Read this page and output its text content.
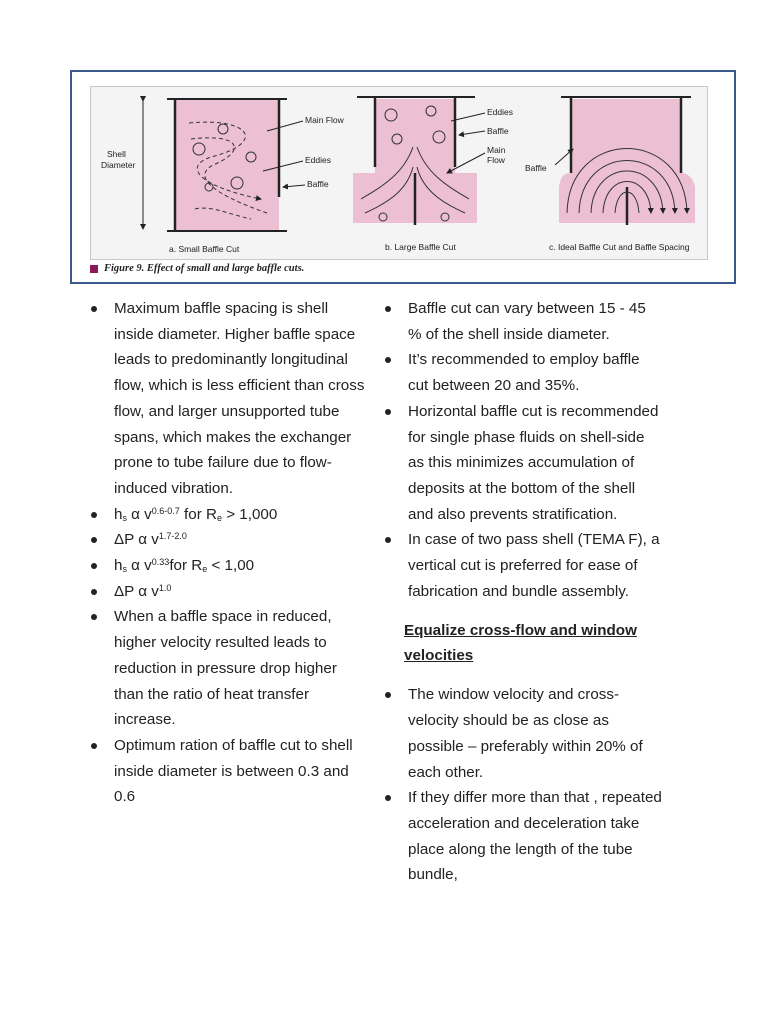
Shell
Diameter
Main Flow
Eddies
Baffle
a. Small Baffle Cut
Eddies
Baffle
Main
Flow
b. Large Baffle Cut
Baffle
c. Ideal Baffle Cut and Baffle Spacing
Figure 9. Effect of small and large baffle cuts.
Maximum baffle spacing is shell inside diameter. Higher baffle space leads to predominantly longitudinal flow, which is less efficient than cross flow, and larger unsupported tube spans, which makes the exchanger prone to tube failure due to flow-induced vibration.
$h_s$ α $v^{0.6-0.7}$ for $R_e > 1,000$
ΔP α $v^{1.7-2.0}$
$h_s$ α $v^{0.33}for$ $R_e < 1,00$
ΔP α $v^{1.0}$
When a baffle space in reduced, higher velocity resulted leads to reduction in pressure drop higher than the ratio of heat transfer increase.
Optimum ration of baffle cut to shell inside diameter is between 0.3 and 0.6
Baffle cut can vary between 15 - 45 % of the shell inside diameter.
It’s recommended to employ baffle cut between 20 and 35%.
Horizontal baffle cut is recommended for single phase fluids on shell-side as this minimizes accumulation of deposits at the bottom of the shell and also prevents stratification.
In case of two pass shell (TEMA F), a vertical cut is preferred for ease of fabrication and bundle assembly.
Equalize cross-flow and window velocities
The window velocity and cross-velocity should be as close as possible – preferably within 20% of each other.
If they differ more than that , repeated acceleration and deceleration take place along the length of the tube bundle,
